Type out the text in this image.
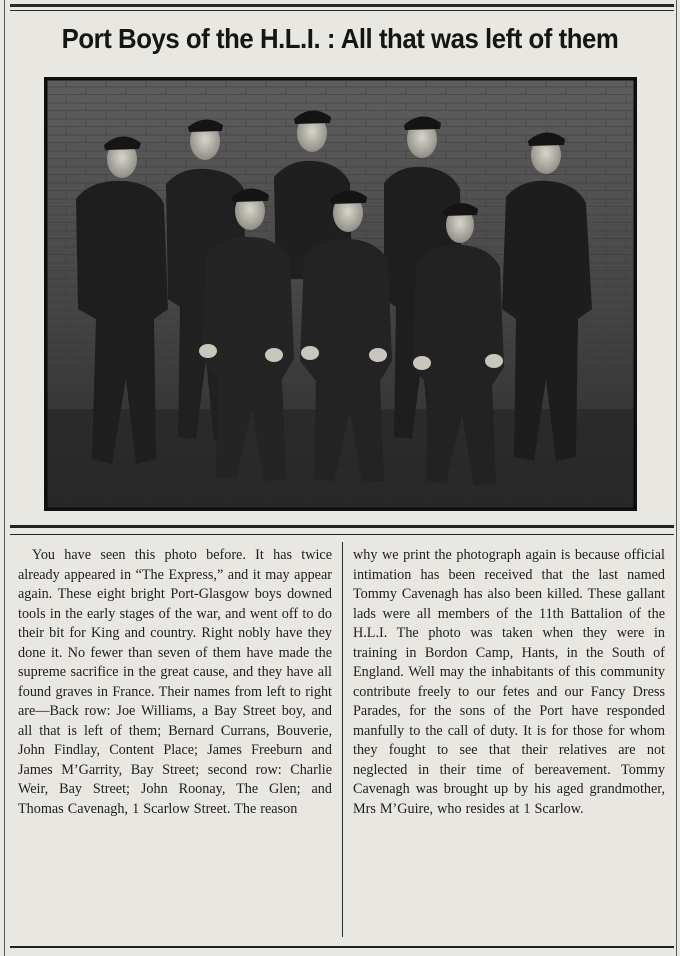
Port Boys of the H.L.I. : All that was left of them
You have seen this photo before. It has twice already appeared in “The Express,” and it may appear again. These eight bright Port-Glasgow boys downed tools in the early stages of the war, and went off to do their bit for King and country. Right nobly have they done it. No fewer than seven of them have made the supreme sacrifice in the great cause, and they have all found graves in France. Their names from left to right are—Back row: Joe Williams, a Bay Street boy, and all that is left of them; Bernard Currans, Bouverie, John Findlay, Content Place; James Freeburn and James M’Garrity, Bay Street; second row: Charlie Weir, Bay Street; John Roonay, The Glen; and Thomas Cavenagh, 1 Scarlow Street. The reason
why we print the photograph again is because official intimation has been received that the last named Tommy Cavenagh has also been killed. These gallant lads were all members of the 11th Battalion of the H.L.I. The photo was taken when they were in training in Bordon Camp, Hants, in the South of England. Well may the inhabitants of this community contribute freely to our fetes and our Fancy Dress Parades, for the sons of the Port have responded manfully to the call of duty. It is for those for whom they fought to see that their relatives are not neglected in their time of bereavement. Tommy Cavenagh was brought up by his aged grandmother, Mrs M’Guire, who resides at 1 Scarlow.
